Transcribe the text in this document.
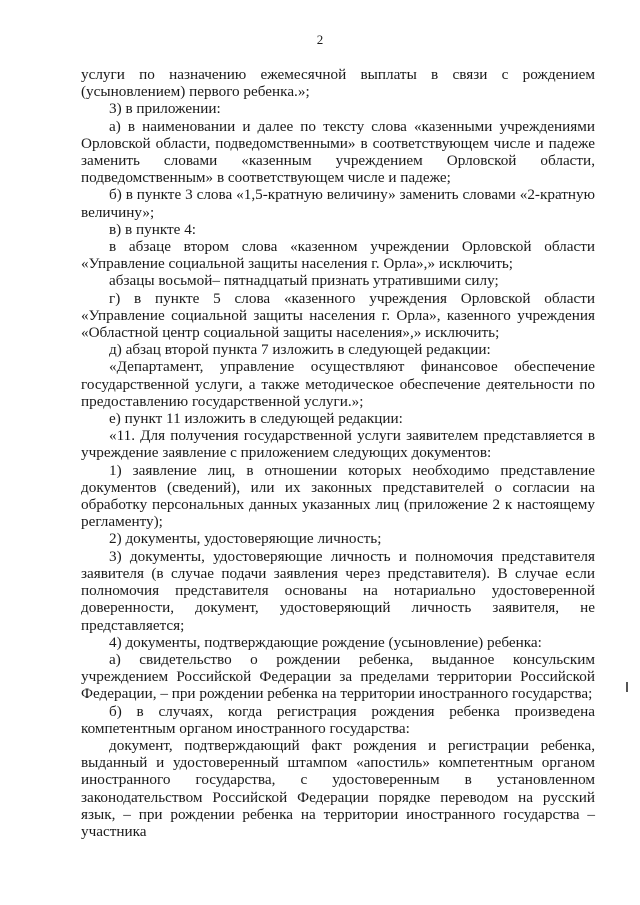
2

услуги по назначению ежемесячной выплаты в связи с рождением (усыновлением) первого ребенка.»;

3) в приложении:

а) в наименовании и далее по тексту слова «казенными учреждениями Орловской области, подведомственными» в соответствующем числе и падеже заменить словами «казенным учреждением Орловской области, подведомственным» в соответствующем числе и падеже;

б) в пункте 3 слова «1,5-кратную величину» заменить словами «2-кратную величину»;

в) в пункте 4:

в абзаце втором слова «казенном учреждении Орловской области «Управление социальной защиты населения г. Орла»,» исключить;

абзацы восьмой– пятнадцатый признать утратившими силу;

г) в пункте 5 слова «казенного учреждения Орловской области «Управление социальной защиты населения г. Орла», казенного учреждения «Областной центр социальной защиты населения»,» исключить;

д) абзац второй пункта 7 изложить в следующей редакции:

«Департамент, управление осуществляют финансовое обеспечение государственной услуги, а также методическое обеспечение деятельности по предоставлению государственной услуги.»;

е) пункт 11 изложить в следующей редакции:

«11. Для получения государственной услуги заявителем представляется в учреждение заявление с приложением следующих документов:

1) заявление лиц, в отношении которых необходимо представление документов (сведений), или их законных представителей о согласии на обработку персональных данных указанных лиц (приложение 2 к настоящему регламенту);

2) документы, удостоверяющие личность;

3) документы, удостоверяющие личность и полномочия представителя заявителя (в случае подачи заявления через представителя). В случае если полномочия представителя основаны на нотариально удостоверенной доверенности, документ, удостоверяющий личность заявителя, не представляется;

4) документы, подтверждающие рождение (усыновление) ребенка:

а) свидетельство о рождении ребенка, выданное консульским учреждением Российской Федерации за пределами территории Российской Федерации, – при рождении ребенка на территории иностранного государства;

б) в случаях, когда регистрация рождения ребенка произведена компетентным органом иностранного государства:

документ, подтверждающий факт рождения и регистрации ребенка, выданный и удостоверенный штампом «апостиль» компетентным органом иностранного государства, с удостоверенным в установленном законодательством Российской Федерации порядке переводом на русский язык, – при рождении ребенка на территории иностранного государства – участника
